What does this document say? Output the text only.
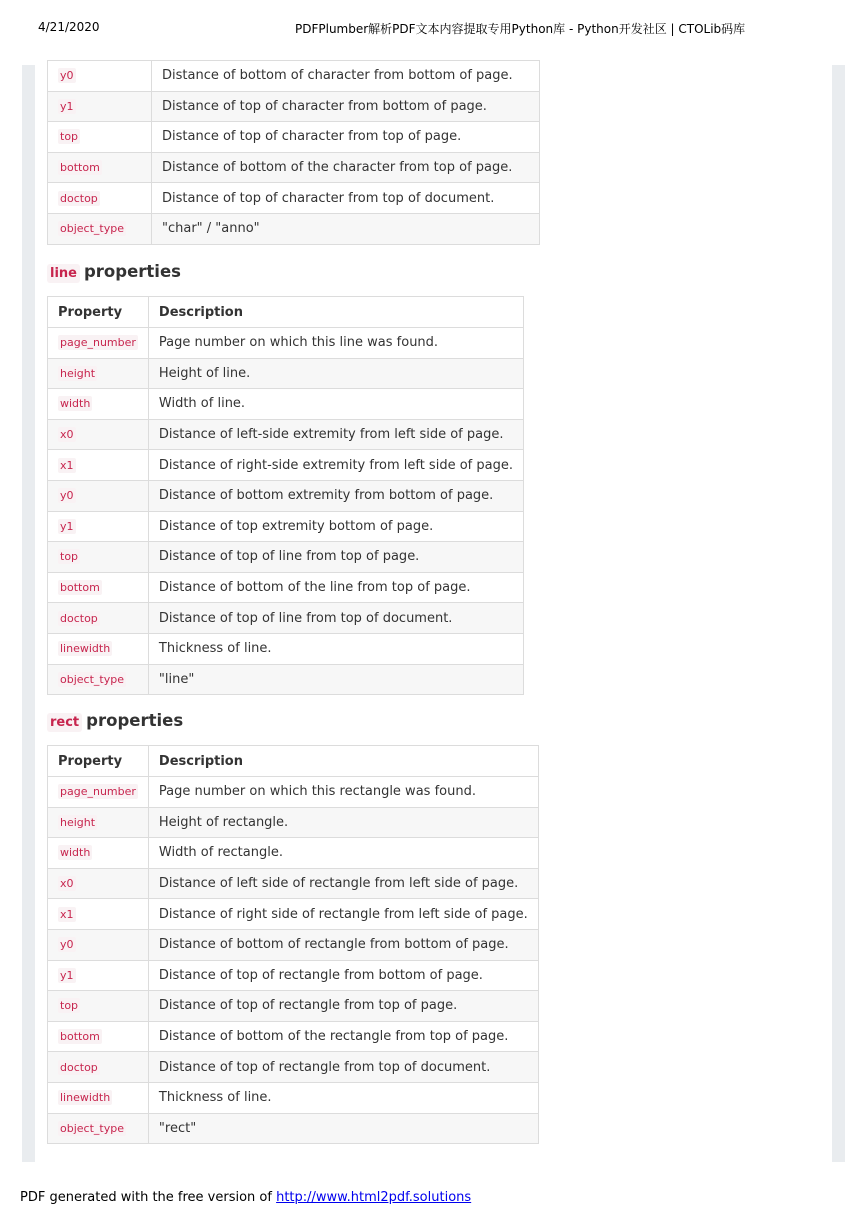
4/21/2020	PDFPlumber解析PDF文本内容提取专用Python库 - Python开发社区 | CTOLib码库
y0	Distance of bottom of character from bottom of page.
y1	Distance of top of character from bottom of page.
top	Distance of top of character from top of page.
bottom	Distance of bottom of the character from top of page.
doctop	Distance of top of character from top of document.
object_type	"char" / "anno"
line properties
Property	Description
page_number	Page number on which this line was found.
height	Height of line.
width	Width of line.
x0	Distance of left-side extremity from left side of page.
x1	Distance of right-side extremity from left side of page.
y0	Distance of bottom extremity from bottom of page.
y1	Distance of top extremity bottom of page.
top	Distance of top of line from top of page.
bottom	Distance of bottom of the line from top of page.
doctop	Distance of top of line from top of document.
linewidth	Thickness of line.
object_type	"line"
rect properties
Property	Description
page_number	Page number on which this rectangle was found.
height	Height of rectangle.
width	Width of rectangle.
x0	Distance of left side of rectangle from left side of page.
x1	Distance of right side of rectangle from left side of page.
y0	Distance of bottom of rectangle from bottom of page.
y1	Distance of top of rectangle from bottom of page.
top	Distance of top of rectangle from top of page.
bottom	Distance of bottom of the rectangle from top of page.
doctop	Distance of top of rectangle from top of document.
linewidth	Thickness of line.
object_type	"rect"
PDF generated with the free version of http://www.html2pdf.solutions
